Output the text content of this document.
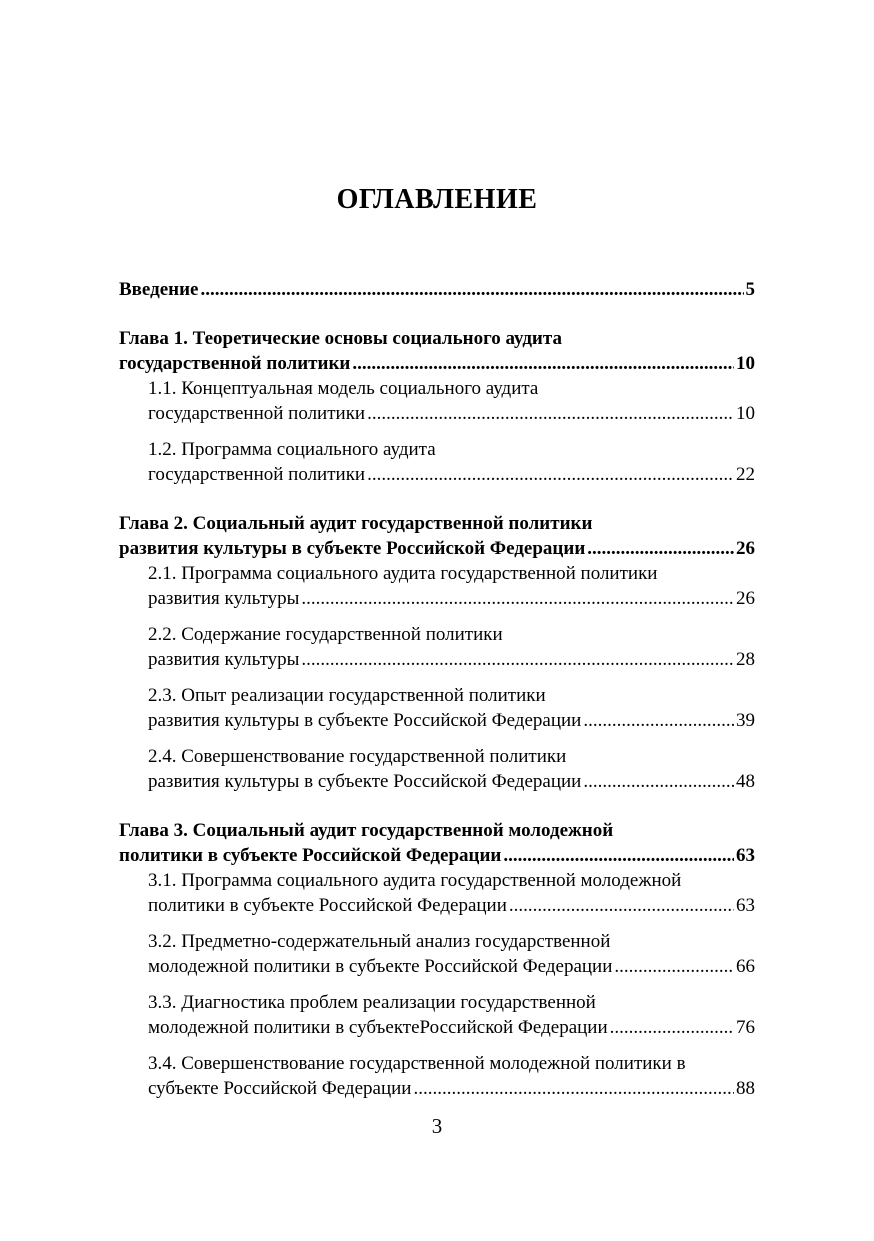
ОГЛАВЛЕНИЕ
Введение .....	5
Глава 1. Теоретические основы социального аудита
государственной политики .....	10
1.1. Концептуальная модель социального аудита
государственной политики .....	10
1.2. Программа социального аудита
государственной политики .....	22
Глава 2. Социальный аудит государственной политики
развития культуры в субъекте Российской Федерации .....	26
2.1. Программа социального аудита государственной политики
развития культуры .....	26
2.2. Содержание государственной политики
развития культуры .....	28
2.3. Опыт реализации государственной политики
развития культуры в субъекте Российской Федерации .....	39
2.4. Совершенствование государственной политики
развития культуры в субъекте Российской Федерации .....	48
Глава 3. Социальный аудит государственной молодежной
политики в субъекте Российской Федерации .....	63
3.1. Программа социального аудита государственной молодежной
политики в субъекте Российской Федерации .....	63
3.2. Предметно-содержательный анализ государственной
молодежной политики в субъекте Российской Федерации .....	66
3.3. Диагностика проблем реализации государственной
молодежной политики в субъектеРоссийской Федерации .....	76
3.4. Совершенствование государственной молодежной политики в
субъекте Российской Федерации .....	88
3
